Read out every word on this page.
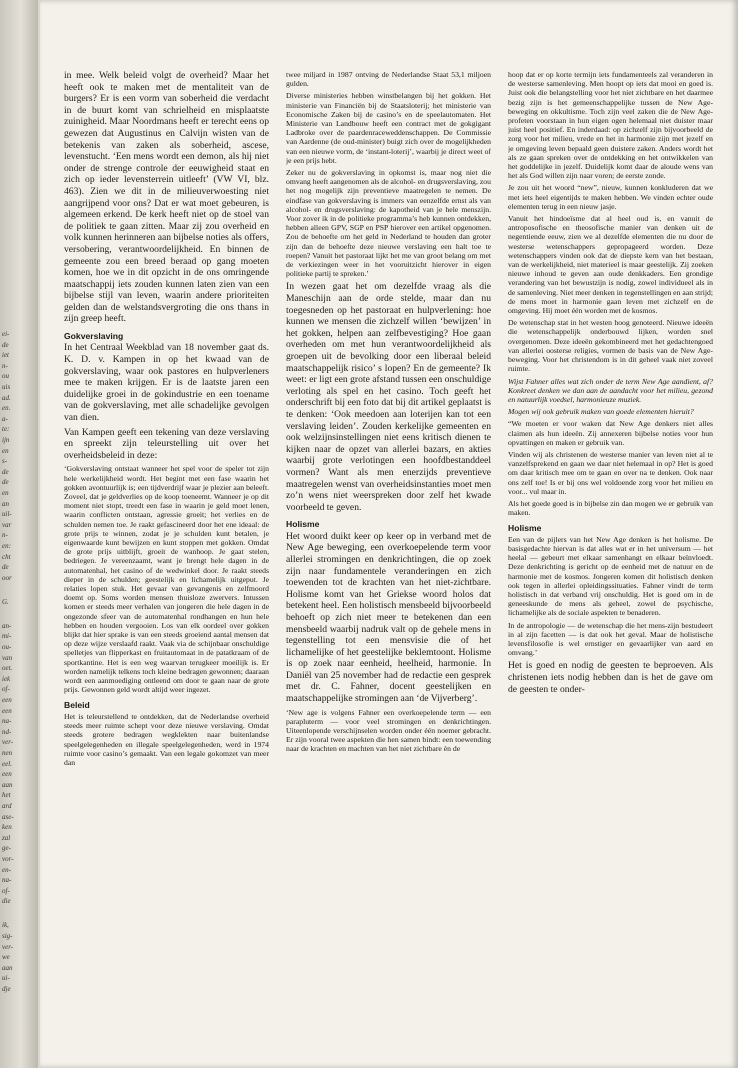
ei-
de
iet
n-
ou
uis
ad.
en.
a-
te:
ijn
en
s-
de
de
en
an
uil-
var
n-
en:
cht
de
oor
G.
an-
mi-
ou-
van
oet.
iek
of-
een
een
na-
nd-
ver-
nen
eel.
een
aan
het
ard
ase-
ken
zal
ge-
vor-
en-
na-
of-
die
ik,
sig-
ver-
we
aan
ui-
dje

in mee. Welk beleid volgt de overheid? Maar het heeft ook te maken met de mentaliteit van de burgers? Er is een vorm van soberheid die verdacht in de buurt komt van schrielheid en misplaatste zuinigheid. Maar Noordmans heeft er terecht eens op gewezen dat Augustinus en Calvijn wisten van de betekenis van zaken als soberheid, ascese, levenstucht. ‘Een mens wordt een demon, als hij niet onder de strenge controle der eeuwigheid staat en zich op ieder levensterrein uitleeft’ (VW VI, blz. 463). Zien we dit in de milieuverwoesting niet aangrijpend voor ons? Dat er wat moet gebeuren, is algemeen erkend. De kerk heeft niet op de stoel van de politiek te gaan zitten. Maar zij zou overheid en volk kunnen herinneren aan bijbelse noties als offers, versobering, verantwoordelijkheid. En binnen de gemeente zou een breed beraad op gang moeten komen, hoe we in dit opzicht in de ons omringende maatschappij iets zouden kunnen laten zien van een bijbelse stijl van leven, waarin andere prioriteiten gelden dan de welstandsvergroting die ons thans in zijn greep heeft.

Gokverslaving

In het Centraal Weekblad van 18 november gaat ds. K. D. v. Kampen in op het kwaad van de gokverslaving, waar ook pastores en hulpverleners mee te maken krijgen. Er is de laatste jaren een duidelijke groei in de gokindustrie en een toename van de gokverslaving, met alle schadelijke gevolgen van dien.

Van Kampen geeft een tekening van deze verslaving en spreekt zijn teleurstelling uit over het overheidsbeleid in deze:

‘Gokverslaving ontstaat wanneer het spel voor de speler tot zijn hele werkelijkheid wordt. Het begint met een fase waarin het gokken avontuurlijk is; een tijdverdrijf waar je plezier aan beleeft. Zoveel, dat je geldverlies op de koop toeneemt. Wanneer je op dit moment niet stopt, treedt een fase in waarin je geld moet lenen, waarin conflicten ontstaan, agressie groeit; het verlies en de schulden nemen toe. Je raakt gefascineerd door het ene ideaal: de grote prijs te winnen, zodat je je schulden kunt betalen, je eigenwaarde kunt bewijzen en kunt stoppen met gokken. Omdat de grote prijs uitblijft, groeit de wanhoop. Je gaat stelen, bedriegen. Je vereenzaamt, want je brengt hele dagen in de automatenhal, het casino of de wedwinkel door. Je raakt steeds dieper in de schulden; geestelijk en lichamelijk uitgeput. Je relaties lopen stuk. Het gevaar van gevangenis en zelfmoord doemt op. Soms worden mensen thuisloze zwervers. Intussen komen er steeds meer verhalen van jongeren die hele dagen in de ongezonde sfeer van de automatenhal rondhangen en hun hele hebben en houden vergooien. Los van elk oordeel over gokken blijkt dat hier sprake is van een steeds groeiend aantal mensen dat op deze wijze verslaafd raakt. Vaak via de schijnbaar onschuldige spelletjes van flipperkast en fruitautomaat in de patatkraam of de sportkantine. Het is een weg waarvan terugkeer moeilijk is. Er worden namelijk telkens toch kleine bedragen gewonnen; daaraan wordt een aanmoediging ontleend om door te gaan naar de grote prijs. Gewonnen geld wordt altijd weer ingezet.

Beleid

Het is teleurstellend te ontdekken, dat de Nederlandse overheid steeds meer ruimte schept voor deze nieuwe verslaving. Omdat steeds grotere bedragen wegklekten naar buitenlandse speelgelegenheden en illegale speelgelegenheden, werd in 1974 ruimte voor casino’s gemaakt. Van een legale gokomzet van meer dan

twee miljard in 1987 ontving de Nederlandse Staat 53,1 miljoen gulden.

Diverse ministeries hebben winstbelangen bij het gokken. Het ministerie van Financiën bij de Staatsloterij; het ministerie van Economische Zaken bij de casino’s en de speelautomaten. Het Ministerie van Landbouw heeft een contract met de gokgigant Ladbroke over de paardenraceweddenschappen. De Commissie van Aardenne (de oud-minister) buigt zich over de mogelijkheden van een nieuwe vorm, de ‘instant-loterij’, waarbij je direct weet of je een prijs hebt.

Zeker nu de gokverslaving in opkomst is, maar nog niet die omvang heeft aangenomen als de alcohol- en drugsverslaving, zou het nog mogelijk zijn preventieve maatregelen te nemen. De eindfase van gokverslaving is immers van eenzelfde ernst als van alcohol- en drugsverslaving: de kapotheid van je hele menszijn. Voor zover ik in de politieke programma’s heb kunnen ontdekken, hebben alleen GPV, SGP en PSP hierover een artikel opgenomen. Zou de behoefte om het geld in Nederland te houden dan groter zijn dan de behoefte deze nieuwe verslaving een halt toe te roepen? Vanuit het pastoraat lijkt het me van groot belang om met de verkiezingen weer in het vooruitzicht hierover in eigen politieke partij te spreken.’

In wezen gaat het om dezelfde vraag als die Maneschijn aan de orde stelde, maar dan nu toegesneden op het pastoraat en hulpverlening: hoe kunnen we mensen die zichzelf willen ‘bewijzen’ in het gokken, helpen aan zelfbevestiging? Hoe gaan overheden om met hun verantwoordelijkheid als groepen uit de bevolking door een liberaal beleid maatschappelijk risico’ s lopen? En de gemeente? Ik weet: er ligt een grote afstand tussen een onschuldige verloting als spel en het casino. Toch geeft het onderschrift bij een foto dat bij dit artikel geplaatst is te denken: ‘Ook meedoen aan loterijen kan tot een verslaving leiden’. Zouden kerkelijke gemeenten en ook welzijnsinstellingen niet eens kritisch dienen te kijken naar de opzet van allerlei bazars, en akties waarbij grote verlotingen een hoofdbestanddeel vormen? Want als men enerzijds preventieve maatregelen wenst van overheidsinstanties moet men zo’n wens niet weerspreken door zelf het kwade voorbeeld te geven.

Holisme

Het woord duikt keer op keer op in verband met de New Age beweging, een overkoepelende term voor allerlei stromingen en denkrichtingen, die op zoek zijn naar fundamentele veranderingen en zich toewenden tot de krachten van het niet-zichtbare. Holisme komt van het Griekse woord holos dat betekent heel. Een holistisch mensbeeld bijvoorbeeld behoeft op zich niet meer te betekenen dan een mensbeeld waarbij nadruk valt op de gehele mens in tegenstelling tot een mensvisie die of het lichamelijke of het geestelijke beklemtoont. Holisme is op zoek naar eenheid, heelheid, harmonie. In Daniël van 25 november had de redactie een gesprek met dr. C. Fahner, docent geestelijken en maatschappelijke stromingen aan ‘de Vijverberg’.

‘New age is volgens Fahner een overkoepelende term — een parapluterm — voor veel stromingen en denkrichtingen. Uiteenlopende verschijnselen worden onder één noemer gebracht. Er zijn vooral twee aspekten die hen samen bindt: een toewending naar de krachten en machten van het niet zichtbare èn de

hoop dat er op korte termijn iets fundamenteels zal veranderen in de westerse samenleving. Men hoopt op iets dat mooi en goed is. Juist ook die belangstelling voor het niet zichtbare en het daarmee bezig zijn is het gemeenschappelijke tussen de New Age-beweging en okkultisme. Toch zijn veel zaken die de New Age-profeten voorstaan in hun eigen ogen helemaal niet duister maar juist heel positief. En inderdaad: op zichzelf zijn bijvoorbeeld de zorg voor het milieu, vrede en het in harmonie zijn met jezelf en je omgeving leven bepaald geen duistere zaken. Anders wordt het als ze gaan spreken over de ontdekking en het ontwikkelen van het goddelijke in jezelf. Duidelijk komt daar de aloude wens van het als God willen zijn naar voren; de eerste zonde.

Je zou uit het woord “new”, nieuw, kunnen konkluderen dat we met iets heel eigentijds te maken hebben. We vinden echter oude elementen terug in een nieuw jasje.

Vanuit het hindoeïsme dat al heel oud is, en vanuit de antroposofische en theosofische manier van denken uit de negentiende eeuw, zien we al dezelfde elementen die nu door de westerse wetenschappers gepropageerd worden. Deze wetenschappers vinden ook dat de diepste kern van het bestaan, van de werkelijkheid, niet materieel is maar geestelijk. Zij zoeken nieuwe inhoud te geven aan oude denkkaders. Een grondige verandering van het bewustzijn is nodig, zowel individueel als in de samenleving. Niet meer denken in tegenstellingen en aan strijd; de mens moet in harmonie gaan leven met zichzelf en de omgeving. Hij moet één worden met de kosmos.

De wetenschap stat in het westen hoog genoteerd. Nieuwe ideeën die wetenschappelijk onderbouwd lijken, worden snel overgenomen. Deze ideeën gekombineerd met het gedachtengoed van allerlei oosterse religies, vormen de basis van de New Age-beweging. Voor het christendom is in dit geheel vaak niet zoveel ruimte.

Wijst Fahner alles wat zich onder de term New Age aandient, af? Konkreet denken we dan aan de aandacht voor het milieu, gezond en natuurlijk voedsel, harmonieuze muziek.

Mogen wij ook gebruik maken van goede elementen hieruit?

“We moeten er voor waken dat New Age denkers niet alles claimen als hun ideeën. Zij annexeren bijbelse noties voor hun opvattingen en maken er gebruik van.

Vinden wij als christenen de westerse manier van leven niet al te vanzelfsprekend en gaan we daar niet helemaal in op? Het is goed om daar kritisch mee om te gaan en over na te denken. Ook naar ons zelf toe! Is er bij ons wel voldoende zorg voor het milieu en voor... vul maar in.

Als het goede goed is in bijbelse zin dan mogen we er gebruik van maken.

Holisme

Een van de pijlers van het New Age denken is het holisme. De basisgedachte hiervan is dat alles wat er in het universum — het heelal — gebeurt met elkaar samenhangt en elkaar beïnvloedt. Deze denkrichting is gericht op de eenheid met de natuur en de harmonie met de kosmos. Jongeren komen dit holistisch denken ook tegen in allerlei opleidingssituaties. Fahner vindt de term holistisch in dat verband vrij onschuldig. Het is goed om in de geneeskunde de mens als geheel, zowel de psychische, lichamelijke als de sociale aspekten te benaderen.

In de antropologie — de wetenschap die het mens-zijn bestudeert in al zijn facetten — is dat ook het geval. Maar de holistische levensfilosofie is wel ernstiger en gevaarlijker van aard en omvang.’

Het is goed en nodig de geesten te beproeven. Als christenen iets nodig hebben dan is het de gave om de geesten te onder-
